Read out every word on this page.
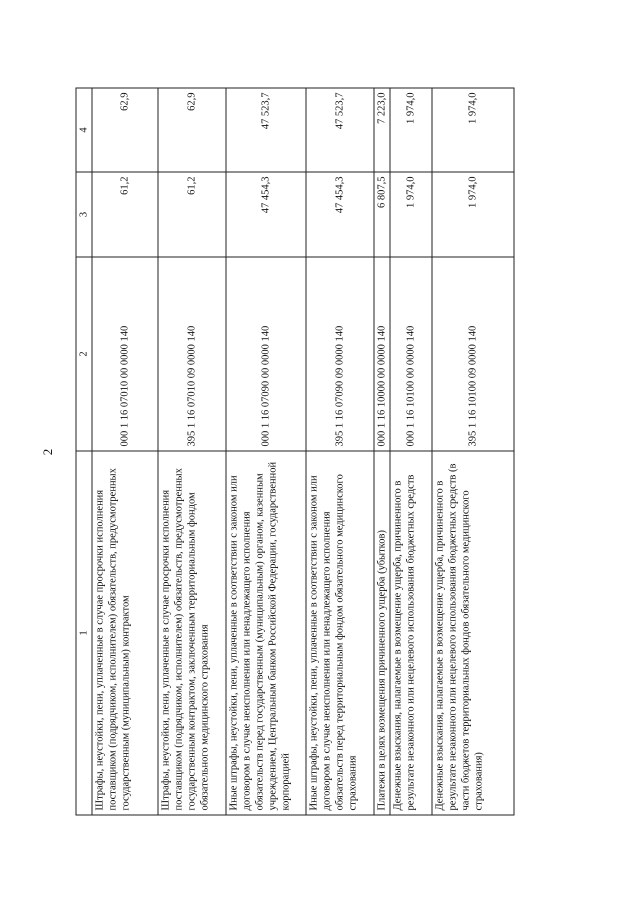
2
1	2	3	4
Штрафы, неустойки, пени, уплаченные в случае просрочки исполнения поставщиком (подрядчиком, исполнителем) обязательств, предусмотренных государственным (муниципальным) контрактом	000 1 16 07010 00 0000 140	61,2	62,9
Штрафы, неустойки, пени, уплаченные в случае просрочки исполнения поставщиком (подрядчиком, исполнителем) обязательств, предусмотренных государственным контрактом, заключенным территориальным фондом обязательного медицинского страхования	395 1 16 07010 09 0000 140	61,2	62,9
Иные штрафы, неустойки, пени, уплаченные в соответствии с законом или договором в случае неисполнения или ненадлежащего исполнения обязательств перед государственным (муниципальным) органом, казенным учреждением, Центральным банком Российской Федерации, государственной корпорацией	000 1 16 07090 00 0000 140	47 454,3	47 523,7
Иные штрафы, неустойки, пени, уплаченные в соответствии с законом или договором в случае неисполнения или ненадлежащего исполнения обязательств перед территориальным фондом обязательного медицинского страхования	395 1 16 07090 09 0000 140	47 454,3	47 523,7
Платежи в целях возмещения причиненного ущерба (убытков)	000 1 16 10000 00 0000 140	6 807,5	7 223,0
Денежные взыскания, налагаемые в возмещение ущерба, причиненного в результате незаконного или нецелевого использования бюджетных средств	000 1 16 10100 00 0000 140	1 974,0	1 974,0
Денежные взыскания, налагаемые в возмещение ущерба, причиненного в результате незаконного или нецелевого использования бюджетных средств (в части бюджетов территориальных фондов обязательного медицинского страхования)	395 1 16 10100 09 0000 140	1 974,0	1 974,0
